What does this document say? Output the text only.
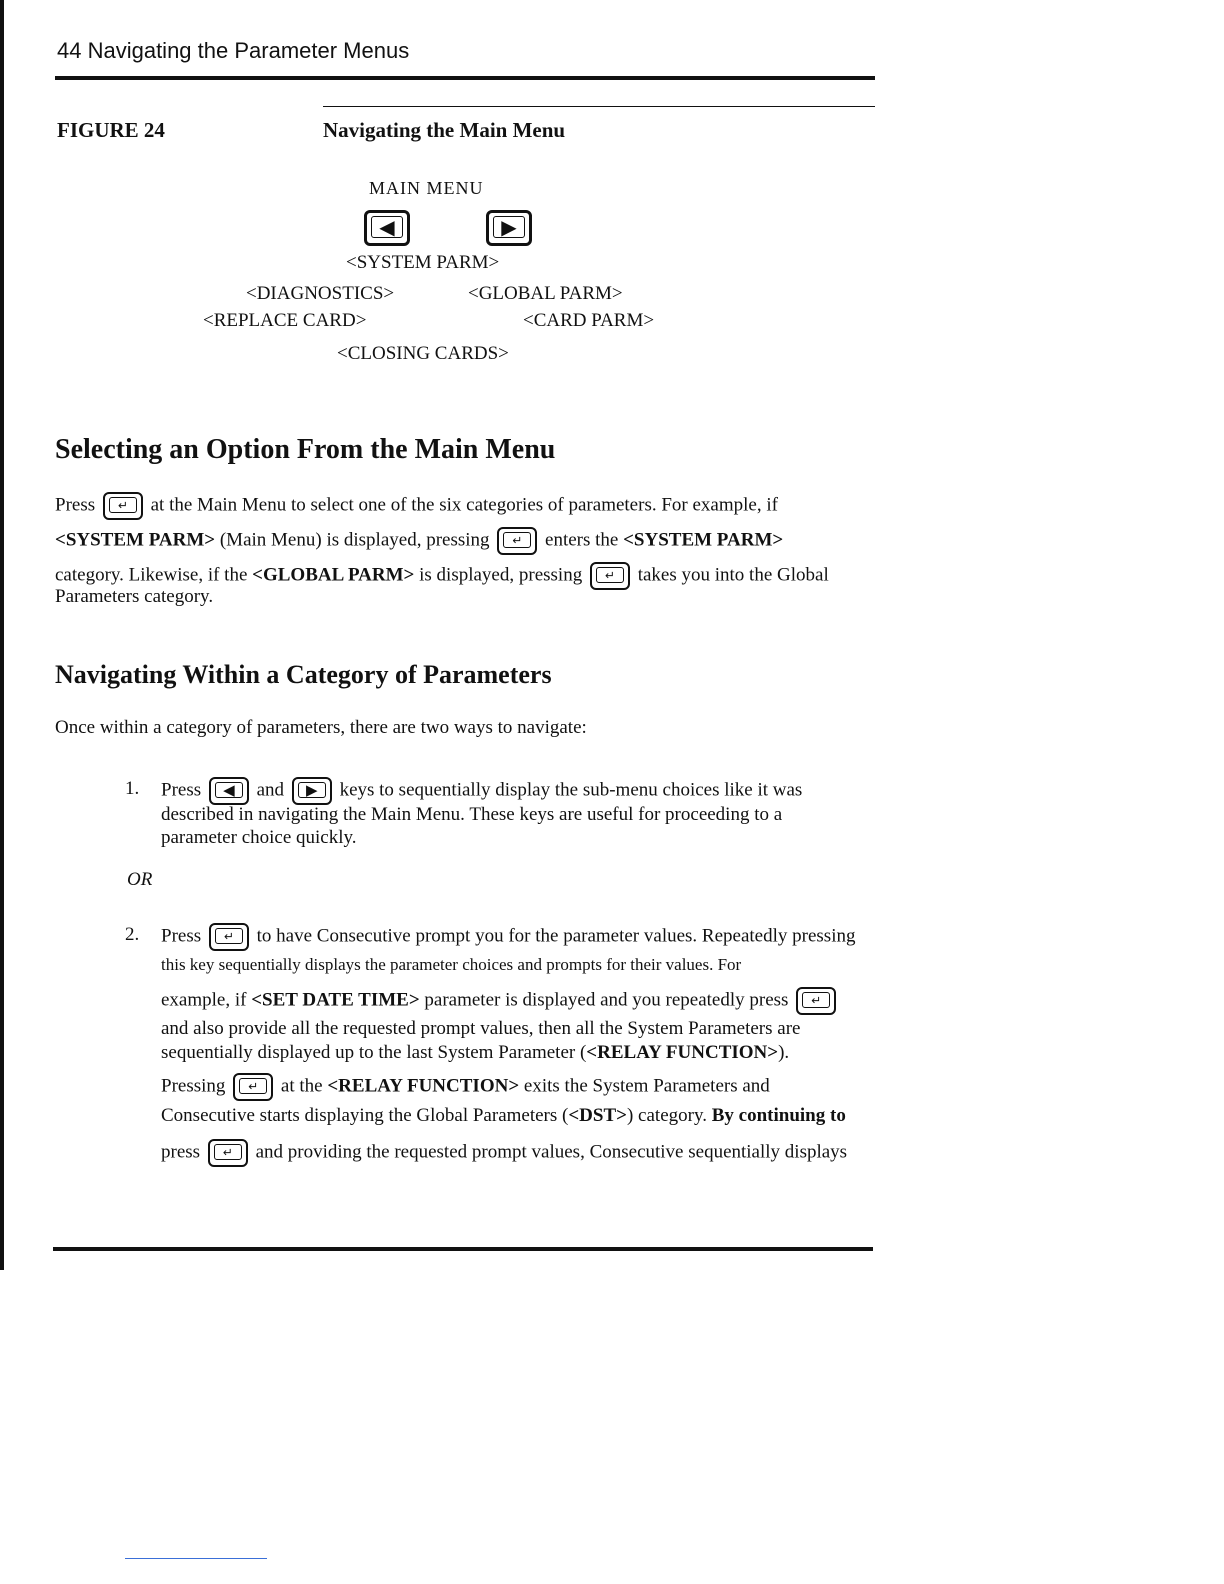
44 Navigating the Parameter Menus
FIGURE 24	Navigating the Main Menu
MAIN MENU
◀
	▶
<SYSTEM PARM>
<DIAGNOSTICS>	<GLOBAL PARM>
<REPLACE CARD>	<CARD PARM>
<CLOSING CARDS>
Selecting an Option From the Main Menu
Press	↵	at the Main Menu to select one of the six categories of parameters. For example, if
<SYSTEM PARM> (Main Menu) is displayed, pressing	↵	enters the <SYSTEM PARM>
category. Likewise, if the <GLOBAL PARM> is displayed, pressing	↵	takes you into the Global
Parameters category.
Navigating Within a Category of Parameters
Once within a category of parameters, there are two ways to navigate:
1. Press	◀	and	▶	keys to sequentially display the sub-menu choices like it was
described in navigating the Main Menu. These keys are useful for proceeding to a
parameter choice quickly.
OR
2. Press	↵	to have Consecutive prompt you for the parameter values. Repeatedly pressing
this key sequentially displays the parameter choices and prompts for their values. For
example, if <SET DATE TIME> parameter is displayed and you repeatedly press	↵
and also provide all the requested prompt values, then all the System Parameters are
sequentially displayed up to the last System Parameter (<RELAY FUNCTION>).
Pressing	↵	at the <RELAY FUNCTION> exits the System Parameters and
Consecutive starts displaying the Global Parameters (<DST>) category. By continuing to
press	↵	and providing the requested prompt values, Consecutive sequentially displays
